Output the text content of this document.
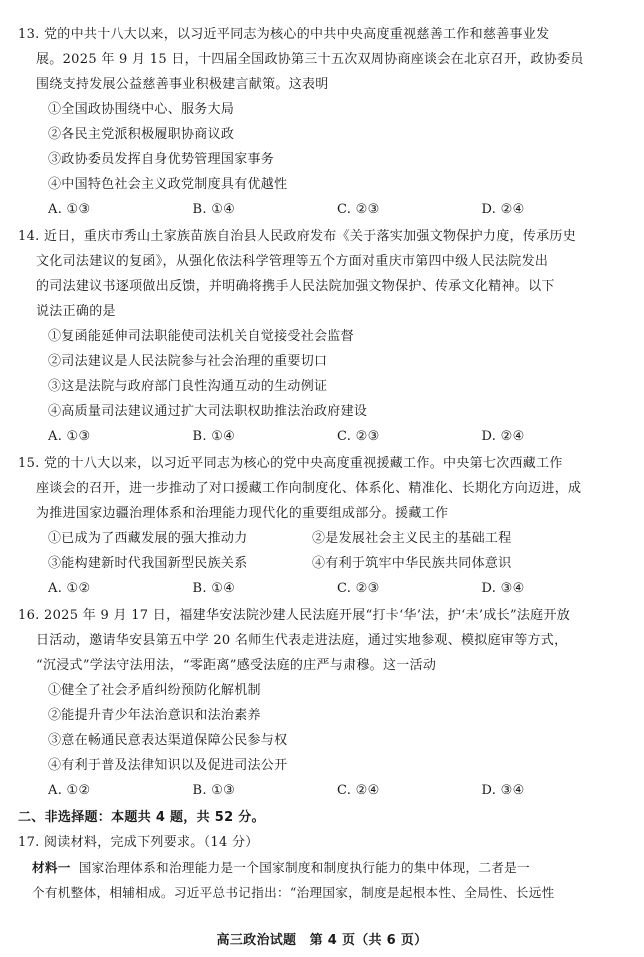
13. 党的中共十八大以来，以习近平同志为核心的中共中央高度重视慈善工作和慈善事业发
展。2025 年 9 月 15 日，十四届全国政协第三十五次双周协商座谈会在北京召开，政协委员
围绕支持发展公益慈善事业积极建言献策。这表明
①全国政协围绕中心、服务大局
②各民主党派积极履职协商议政
③政协委员发挥自身优势管理国家事务
④中国特色社会主义政党制度具有优越性
A. ①③	B. ①④	C. ②③	D. ②④
14. 近日，重庆市秀山土家族苗族自治县人民政府发布《关于落实加强文物保护力度，传承历史
文化司法建议的复函》，从强化依法科学管理等五个方面对重庆市第四中级人民法院发出
的司法建议书逐项做出反馈，并明确将携手人民法院加强文物保护、传承文化精神。以下
说法正确的是
①复函能延伸司法职能使司法机关自觉接受社会监督
②司法建议是人民法院参与社会治理的重要切口
③这是法院与政府部门良性沟通互动的生动例证
④高质量司法建议通过扩大司法职权助推法治政府建设
A. ①③	B. ①④	C. ②③	D. ②④
15. 党的十八大以来，以习近平同志为核心的党中央高度重视援藏工作。中央第七次西藏工作
座谈会的召开，进一步推动了对口援藏工作向制度化、体系化、精准化、长期化方向迈进，成
为推进国家边疆治理体系和治理能力现代化的重要组成部分。援藏工作
①已成为了西藏发展的强大推动力	②是发展社会主义民主的基础工程
③能构建新时代我国新型民族关系	④有利于筑牢中华民族共同体意识
A. ①②	B. ①④	C. ②③	D. ③④
16. 2025 年 9 月 17 日，福建华安法院沙建人民法庭开展“打卡‘华’法，护‘未’成长”法庭开放
日活动，邀请华安县第五中学 20 名师生代表走进法庭，通过实地参观、模拟庭审等方式，
“沉浸式”学法守法用法，“零距离”感受法庭的庄严与肃穆。这一活动
①健全了社会矛盾纠纷预防化解机制
②能提升青少年法治意识和法治素养
③意在畅通民意表达渠道保障公民参与权
④有利于普及法律知识以及促进司法公开
A. ①②	B. ①③	C. ②④	D. ③④
二、非选择题：本题共 4 题，共 52 分。
17. 阅读材料，完成下列要求。（14 分）
材料一 国家治理体系和治理能力是一个国家制度和制度执行能力的集中体现，二者是一
个有机整体，相辅相成。习近平总书记指出：“治理国家，制度是起根本性、全局性、长远性
高三政治试题　第 4 页（共 6 页）
